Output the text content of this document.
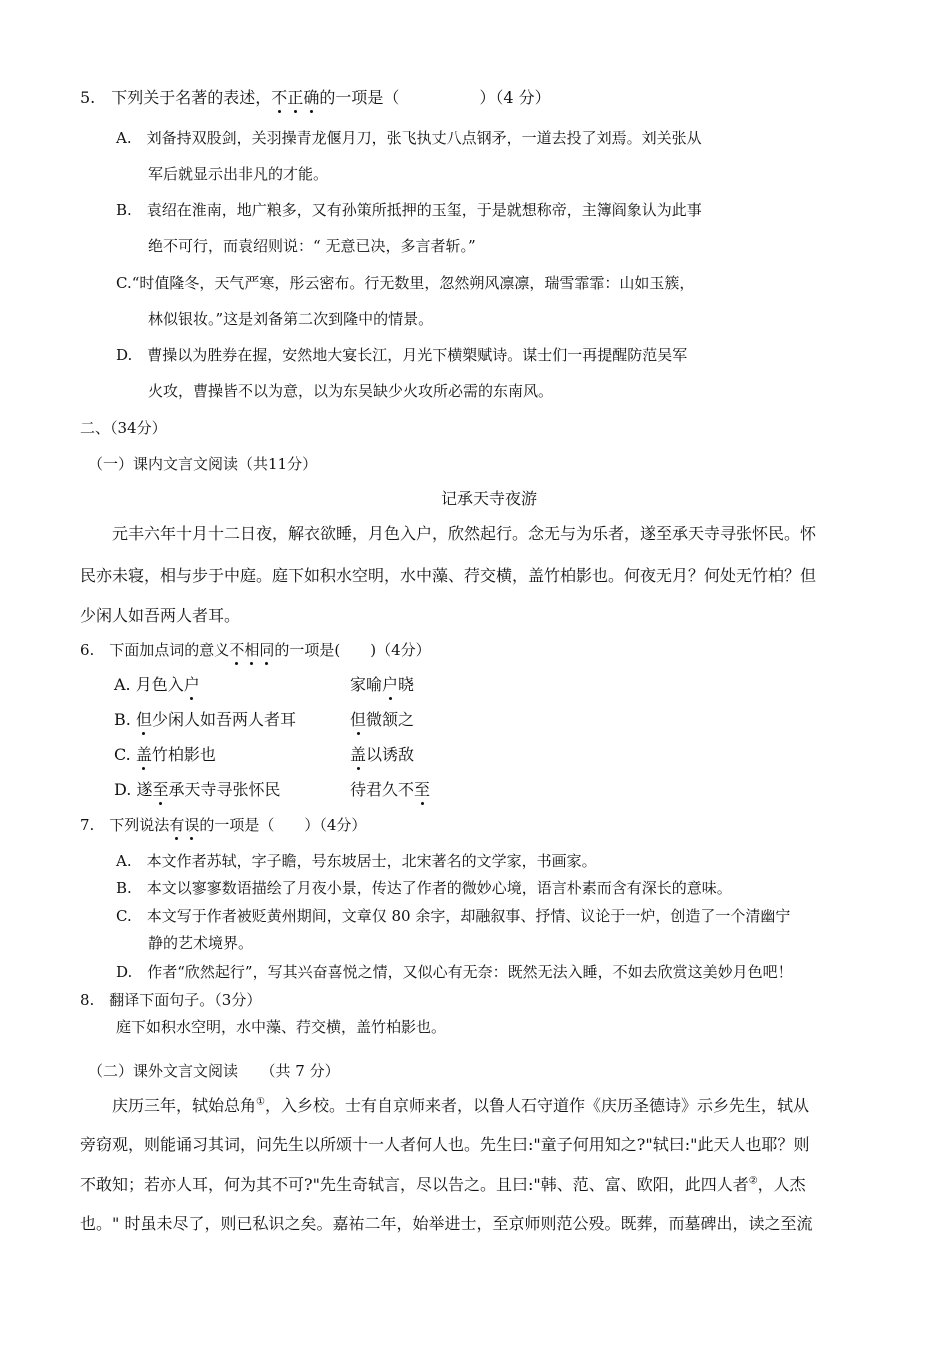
5.　下列关于名著的表述，不正确的一项是（　　　　　）（4 分）
A.　刘备持双股剑，关羽操青龙偃月刀，张飞执丈八点钢矛，一道去投了刘焉。刘关张从
军后就显示出非凡的才能。
B.　袁绍在淮南，地广粮多，又有孙策所抵押的玉玺，于是就想称帝，主簿阎象认为此事
绝不可行，而袁绍则说：“ 无意已决，多言者斩。”
C.“时值隆冬，天气严寒，彤云密布。行无数里，忽然朔风凛凛，瑞雪霏霏：山如玉簇，
林似银妆。”这是刘备第二次到隆中的情景。
D.　曹操以为胜券在握，安然地大宴长江，月光下横槊赋诗。谋士们一再提醒防范吴军
火攻，曹操皆不以为意，以为东吴缺少火攻所必需的东南风。
二、（34分）
（一）课内文言文阅读（共11分）
记承天寺夜游
　　元丰六年十月十二日夜，解衣欲睡，月色入户，欣然起行。念无与为乐者，遂至承天寺寻张怀民。怀
民亦未寝，相与步于中庭。庭下如积水空明，水中藻、荇交横，盖竹柏影也。何夜无月？何处无竹柏？但
少闲人如吾两人者耳。
6.　下面加点词的意义不相同的一项是(　　)（4分）
A. 月色入户	家喻户晓
B. 但少闲人如吾两人者耳	但微颔之
C. 盖竹柏影也	盖以诱敌
D. 遂至承天寺寻张怀民	待君久不至
7.　下列说法有误的一项是（　　）（4分）
A.　本文作者苏轼，字子瞻，号东坡居士，北宋著名的文学家，书画家。
B.　本文以寥寥数语描绘了月夜小景，传达了作者的微妙心境，语言朴素而含有深长的意味。
C.　本文写于作者被贬黄州期间，文章仅 80 余字，却融叙事、抒情、议论于一炉，创造了一个清幽宁
静的艺术境界。
D.　作者“欣然起行”，写其兴奋喜悦之情，又似心有无奈：既然无法入睡，不如去欣赏这美妙月色吧！
8.　翻译下面句子。（3分）
庭下如积水空明，水中藻、荇交横，盖竹柏影也。
（二）课外文言文阅读　　（共 7 分）
　　庆历三年，轼始总角①，入乡校。士有自京师来者，以鲁人石守道作《庆历圣德诗》示乡先生，轼从
旁窃观，则能诵习其词，问先生以所颂十一人者何人也。先生曰:"童子何用知之?"轼曰:"此天人也耶？则
不敢知；若亦人耳，何为其不可?"先生奇轼言，尽以告之。且曰:"韩、范、富、欧阳，此四人者②，人杰
也。" 时虽未尽了，则已私识之矣。嘉祐二年，始举进士，至京师则范公殁。既葬，而墓碑出，读之至流
